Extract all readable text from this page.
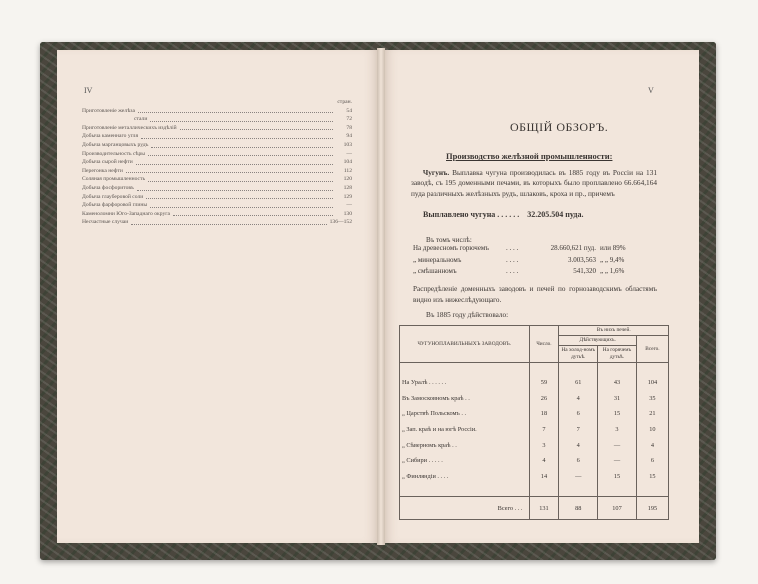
IV
стран.
Приготовленіе желѣза	54
стали	72
Приготовленіе металлическихъ издѣлій	78
Добыча каменнаго угля	94
Добыча марганцовыхъ рудъ	103
Производительность сѣры	—
Добыча сырой нефти	104
Перегонка нефти	112
Соляная промышленность	120
Добыча фосфоритовъ	128
Добыча глауберовой соли	129
Добыча фарфоровой глины	—
Каменоломни Юго-Западнаго округа	130
Несчастные случаи	136—152
V
ОБЩІЙ ОБЗОРЪ.
Производство желѣзной промышленности:
Чугунъ. Выплавка чугуна производилась въ 1885 году въ Россіи на 131 заводѣ, съ 195 доменными печами, въ которыхъ было проплавлено 66.664,164 пуда различныхъ желѣзныхъ рудъ, шлаковъ, кроха и пр., причемъ
Выплавлено чугуна . . . . . . 32.205.504 пуда.
Въ томъ числѣ:
На древесномъ горючемъ	. . . .	28.660,621 пуд. или 89%
„ минеральномъ	. . . .	3.003,563 „ „ 9,4%
„ смѣшанномъ	. . . .	541,320 „ „ 1,6%
Распредѣленіе доменныхъ заводовъ и печей по горнозаводскимъ областямъ видно изъ нижеслѣдующаго.
Въ 1885 году дѣйствовало:
ЧУГУНОПЛАВИЛЬНЫХЪ ЗАВОДОВЪ.	Число.	Въ нихъ печей.		
		Дѣйствующихъ.		Всего.
		На холод-номъ дутьѣ.	На горячемъ дутьѣ.	

На Уралѣ . . . . . .	59	61	43	104
Въ Замосковномъ краѣ . .	26	4	31	35
„ Царствѣ Польскомъ . .	18	6	15	21
„ Зап. краѣ и на югѣ Россіи.	7	7	3	10
„ Сѣверномъ краѣ . .	3	4	—	4
„ Сибири . . . . .	4	6	—	6
„ Финляндіи . . . .	14	—	15	15

Всего . . .	131	88	107	195
